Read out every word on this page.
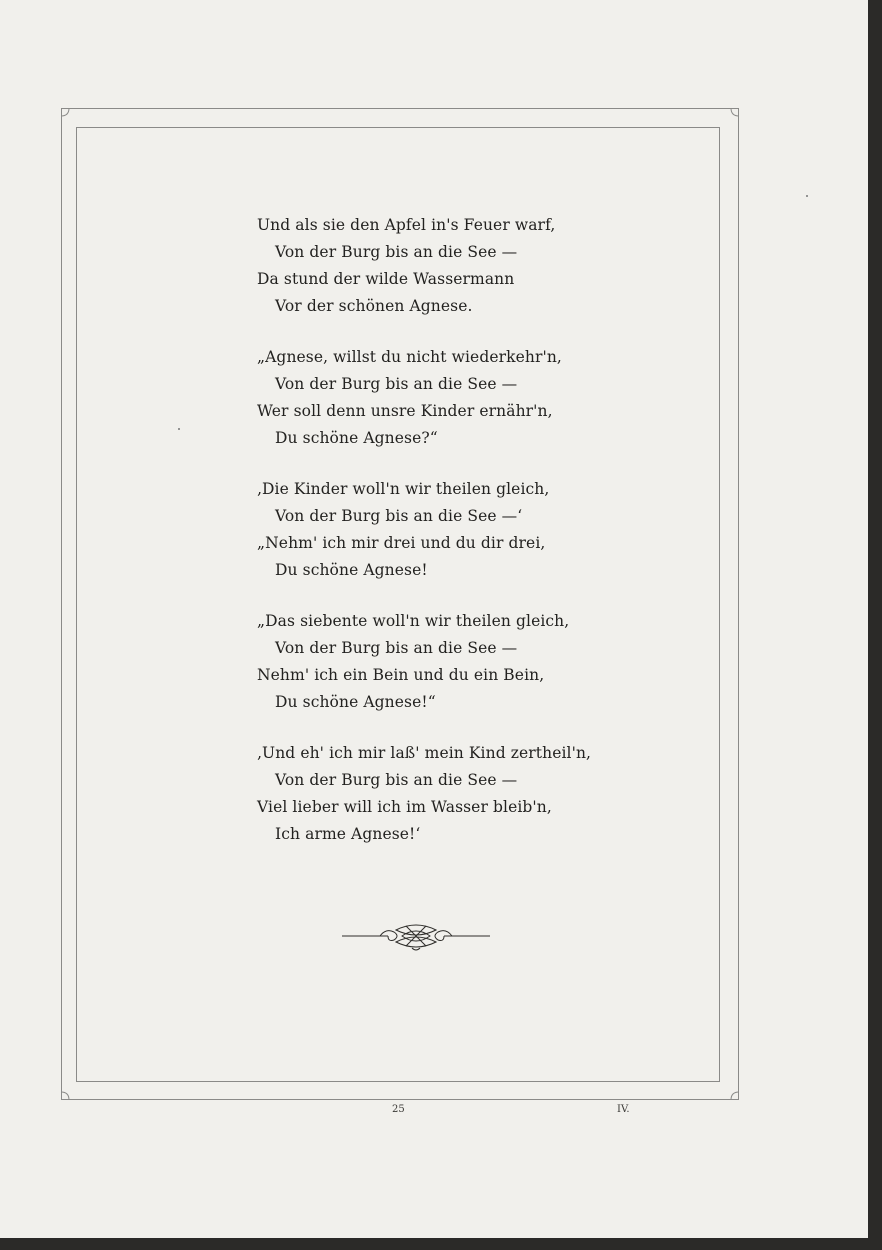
Und als sie den Apfel in's Feuer warf,
Von der Burg bis an die See —
Da stund der wilde Wassermann
Vor der schönen Agnese.
„Agnese, willst du nicht wiederkehr'n,
Von der Burg bis an die See —
Wer soll denn unsre Kinder ernähr'n,
Du schöne Agnese?“
‚Die Kinder woll'n wir theilen gleich,
Von der Burg bis an die See —‘
„Nehm' ich mir drei und du dir drei,
Du schöne Agnese!
„Das siebente woll'n wir theilen gleich,
Von der Burg bis an die See —
Nehm' ich ein Bein und du ein Bein,
Du schöne Agnese!“
‚Und eh' ich mir laß' mein Kind zertheil'n,
Von der Burg bis an die See —
Viel lieber will ich im Wasser bleib'n,
Ich arme Agnese!‘
25	IV.
